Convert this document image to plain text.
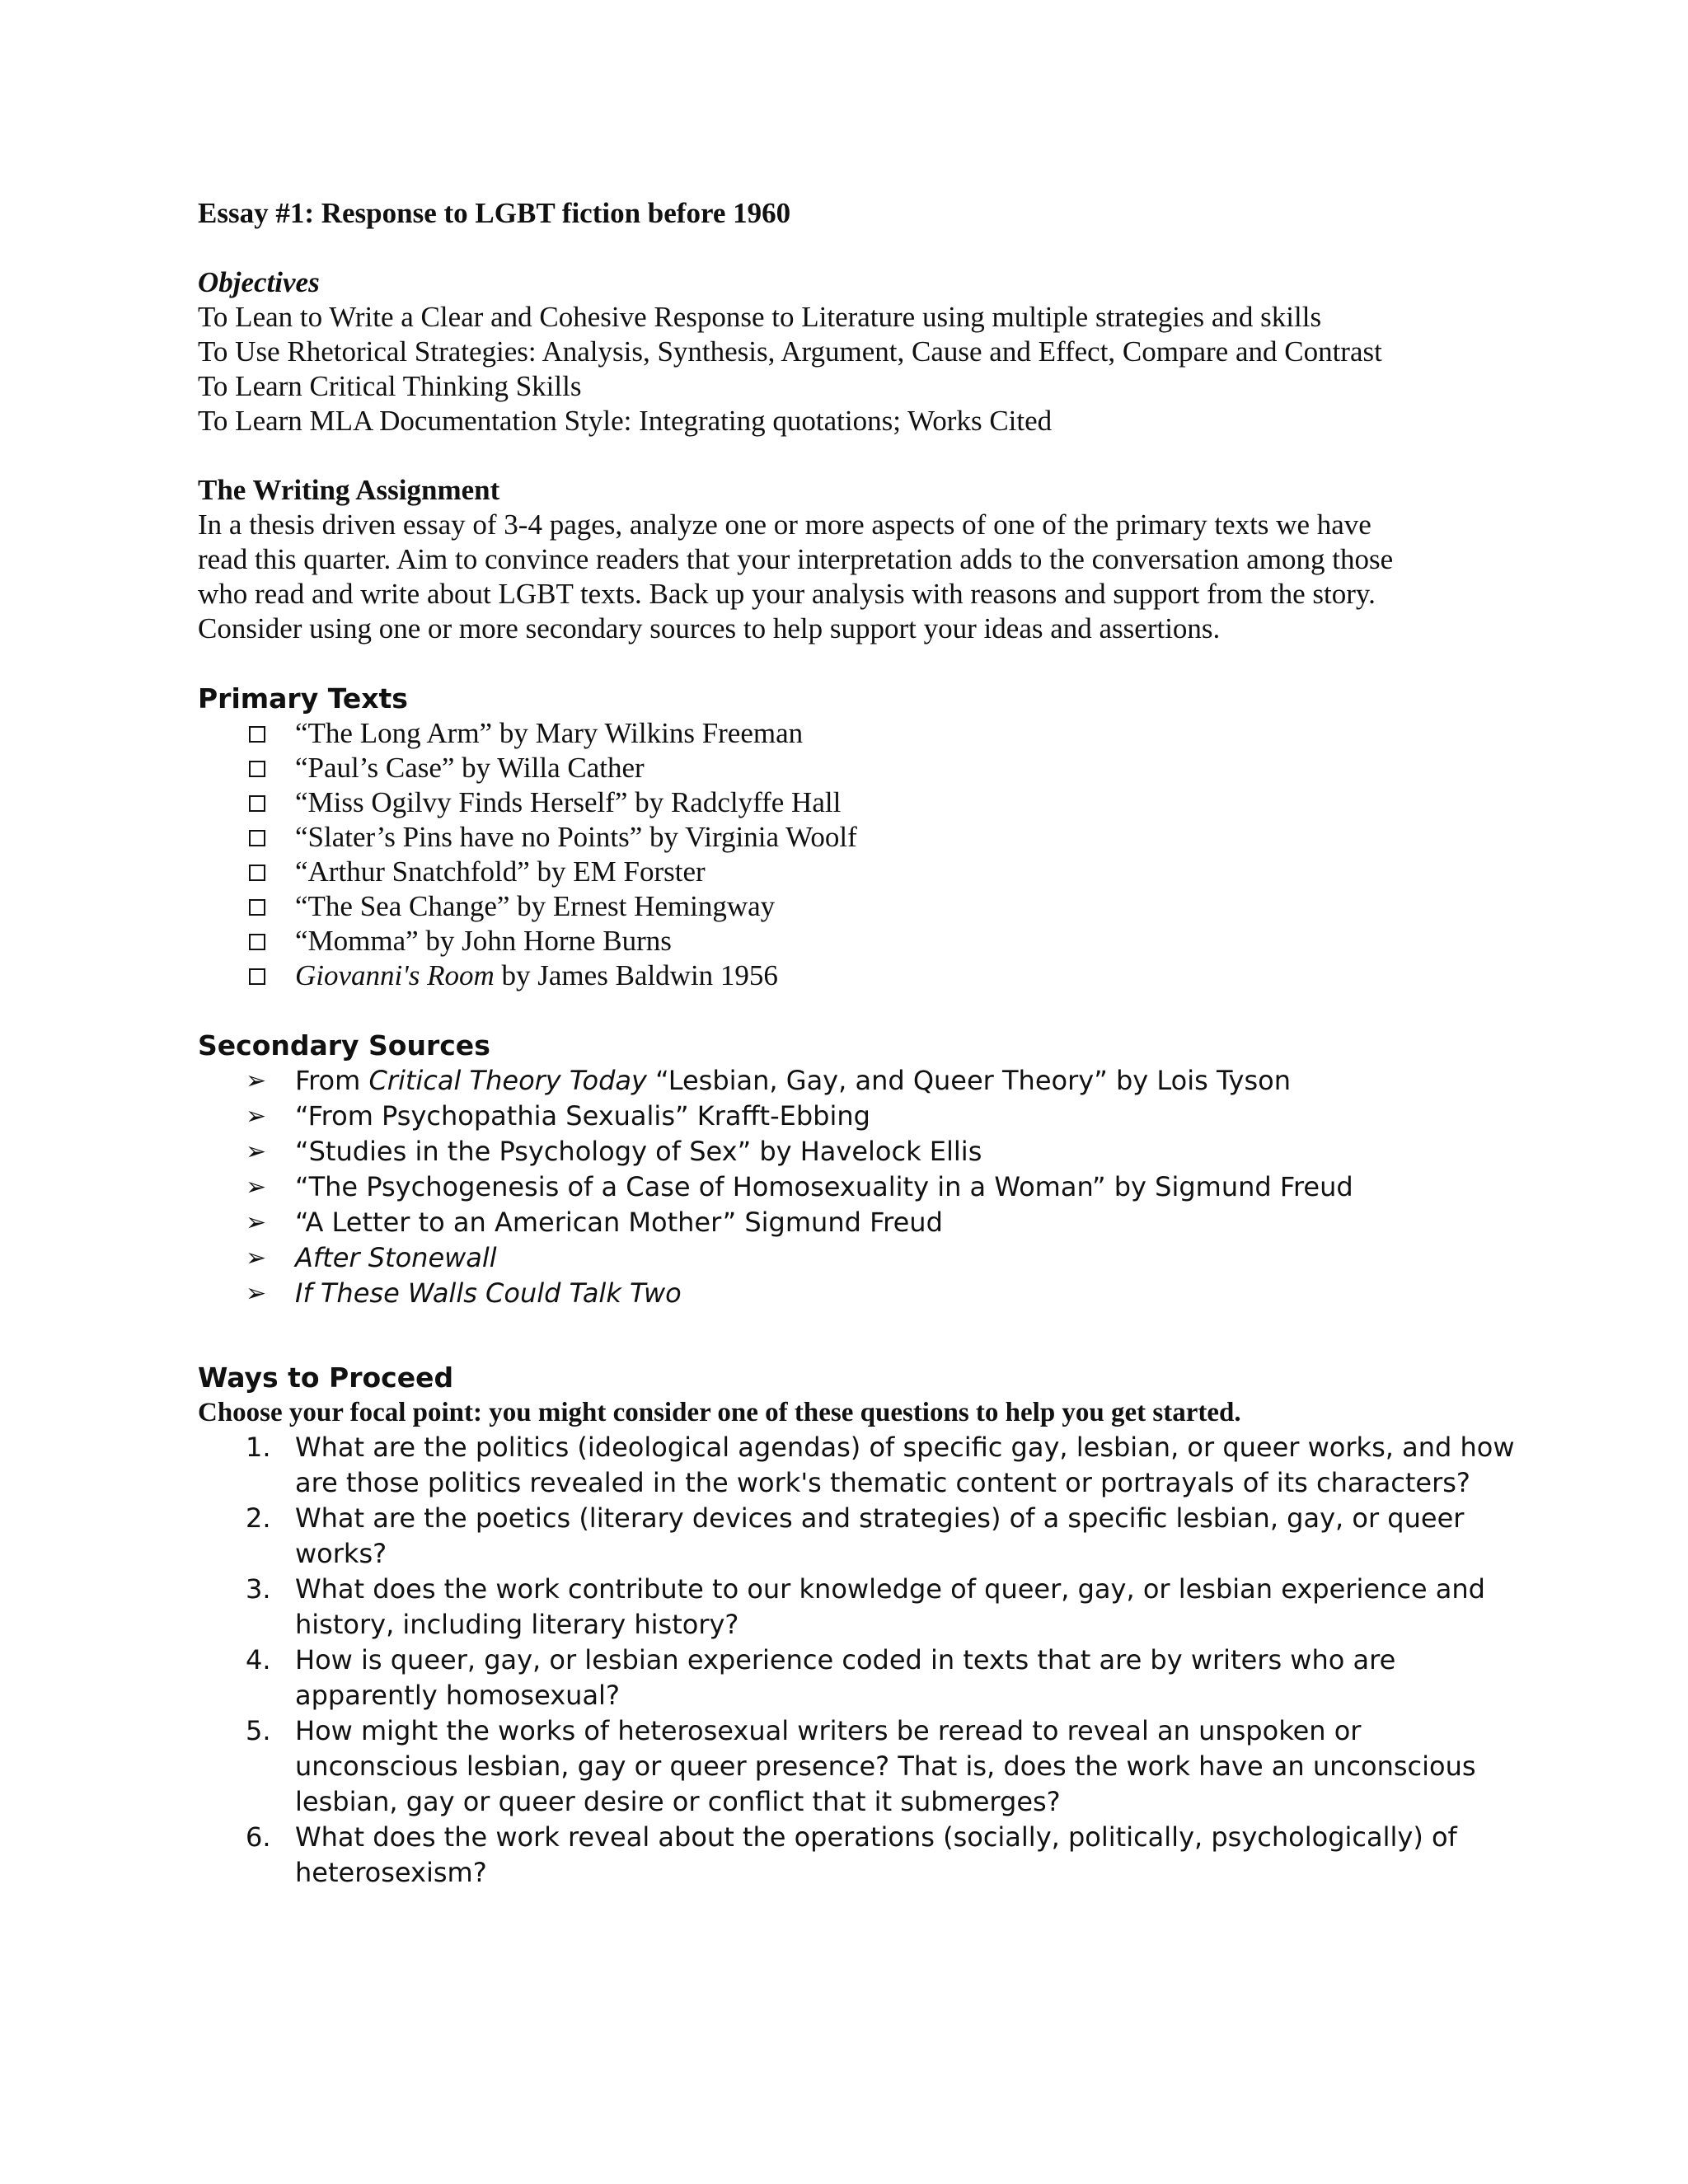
Essay #1: Response to LGBT fiction before 1960
Objectives
To Lean to Write a Clear and Cohesive Response to Literature using multiple strategies and skills
To Use Rhetorical Strategies: Analysis, Synthesis, Argument, Cause and Effect, Compare and Contrast
To Learn Critical Thinking Skills
To Learn MLA Documentation Style: Integrating quotations; Works Cited
The Writing Assignment
In a thesis driven essay of 3-4 pages, analyze one or more aspects of one of the primary texts we have
read this quarter. Aim to convince readers that your interpretation adds to the conversation among those
who read and write about LGBT texts. Back up your analysis with reasons and support from the story.
Consider using one or more secondary sources to help support your ideas and assertions.
Primary Texts
“The Long Arm” by Mary Wilkins Freeman
“Paul’s Case” by Willa Cather
“Miss Ogilvy Finds Herself” by Radclyffe Hall
“Slater’s Pins have no Points” by Virginia Woolf
“Arthur Snatchfold” by EM Forster
“The Sea Change” by Ernest Hemingway
“Momma” by John Horne Burns
Giovanni's Room by James Baldwin 1956
Secondary Sources
➢ From Critical Theory Today “Lesbian, Gay, and Queer Theory” by Lois Tyson
➢ “From Psychopathia Sexualis” Krafft-Ebbing
➢ “Studies in the Psychology of Sex” by Havelock Ellis
➢ “The Psychogenesis of a Case of Homosexuality in a Woman” by Sigmund Freud
➢ “A Letter to an American Mother” Sigmund Freud
➢ After Stonewall
➢ If These Walls Could Talk Two
Ways to Proceed
Choose your focal point: you might consider one of these questions to help you get started.
1. What are the politics (ideological agendas) of specific gay, lesbian, or queer works, and how
are those politics revealed in the work's thematic content or portrayals of its characters?
2. What are the poetics (literary devices and strategies) of a specific lesbian, gay, or queer
works?
3. What does the work contribute to our knowledge of queer, gay, or lesbian experience and
history, including literary history?
4. How is queer, gay, or lesbian experience coded in texts that are by writers who are
apparently homosexual?
5. How might the works of heterosexual writers be reread to reveal an unspoken or
unconscious lesbian, gay or queer presence? That is, does the work have an unconscious
lesbian, gay or queer desire or conflict that it submerges?
6. What does the work reveal about the operations (socially, politically, psychologically) of
heterosexism?
